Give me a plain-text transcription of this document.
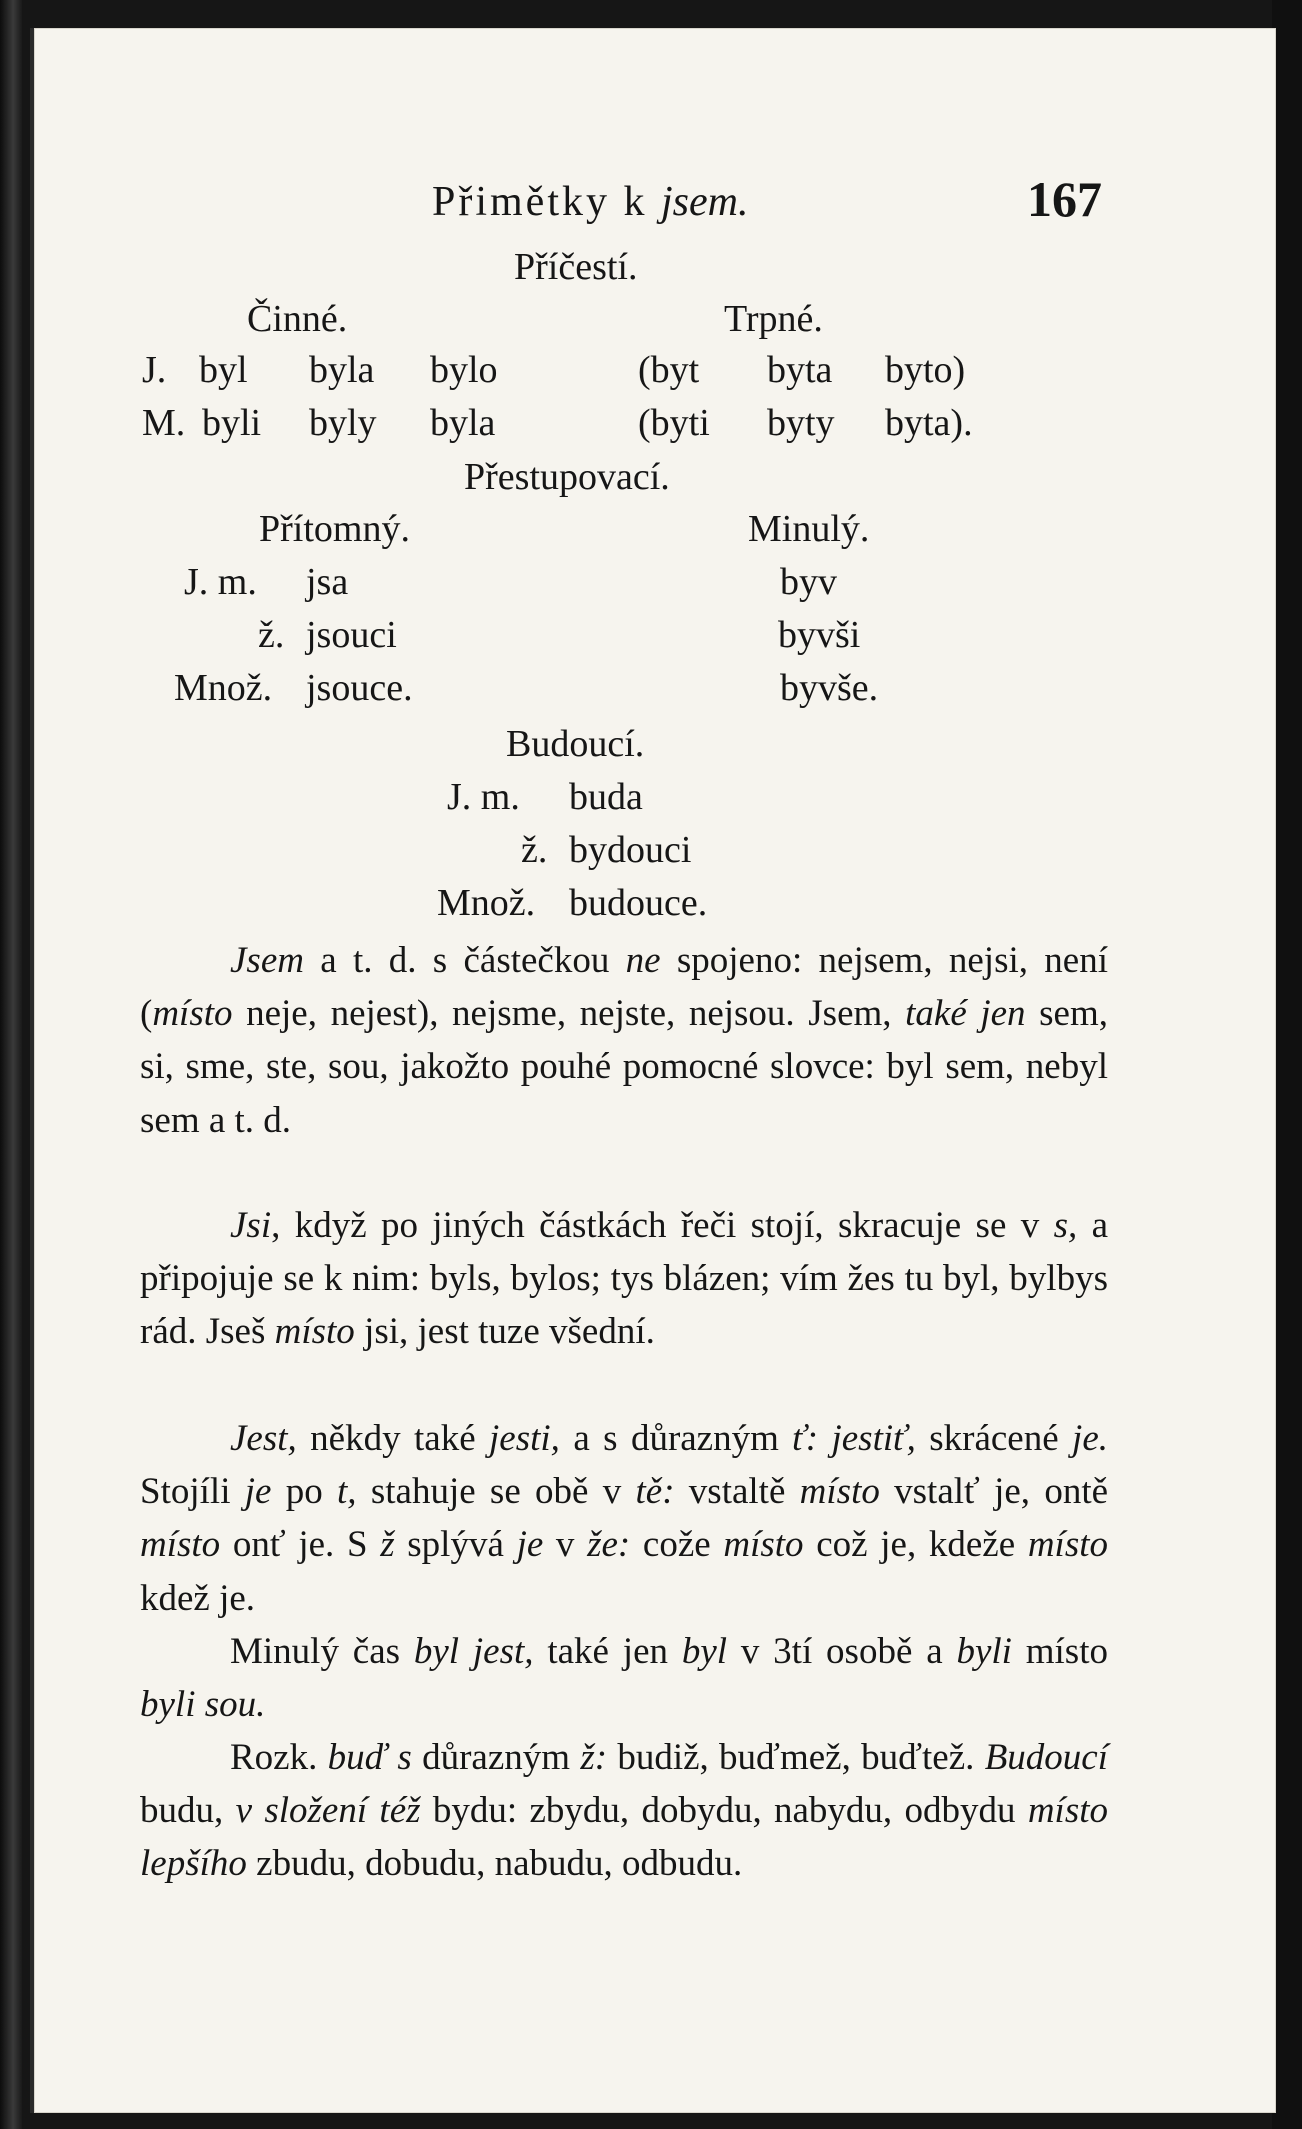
Přimětky k jsem.	167
Příčestí.
Činné.	Trpné.
J. byl byla bylo	(byt byta byto)
M. byli byly byla	(byti byty byta).
Přestupovací.
Přítomný.	Minulý.
J. m. jsa	byv
ž. jsouci	byvši
Množ. jsouce.	byvše.
Budoucí.
J. m. buda
ž. bydouci
Množ. budouce.
Jsem a t. d. s částečkou ne spojeno: nejsem, nejsi, není (místo neje, nejest), nejsme, nejste, nejsou. Jsem, také jen sem, si, sme, ste, sou, jakožto pouhé pomocné slovce: byl sem, nebyl sem a t. d.
Jsi, když po jiných částkách řeči stojí, skracuje se v s, a připojuje se k nim: byls, bylos; tys blázen; vím žes tu byl, bylbys rád. Jseš místo jsi, jest tuze všední.
Jest, někdy také jesti, a s důrazným ť: jestiť, skrácené je. Stojíli je po t, stahuje se obě v tě: vstaltě místo vstalť je, ontě místo onť je. S ž splývá je v že: cože místo což je, kdeže místo kdež je.
Minulý čas byl jest, také jen byl v 3tí osobě a byli místo byli sou.
Rozk. buď s důrazným ž: budiž, buďmež, buďtež. Budoucí budu, v složení též bydu: zbydu, dobydu, nabydu, odbydu místo lepšího zbudu, dobudu, nabudu, odbudu.
